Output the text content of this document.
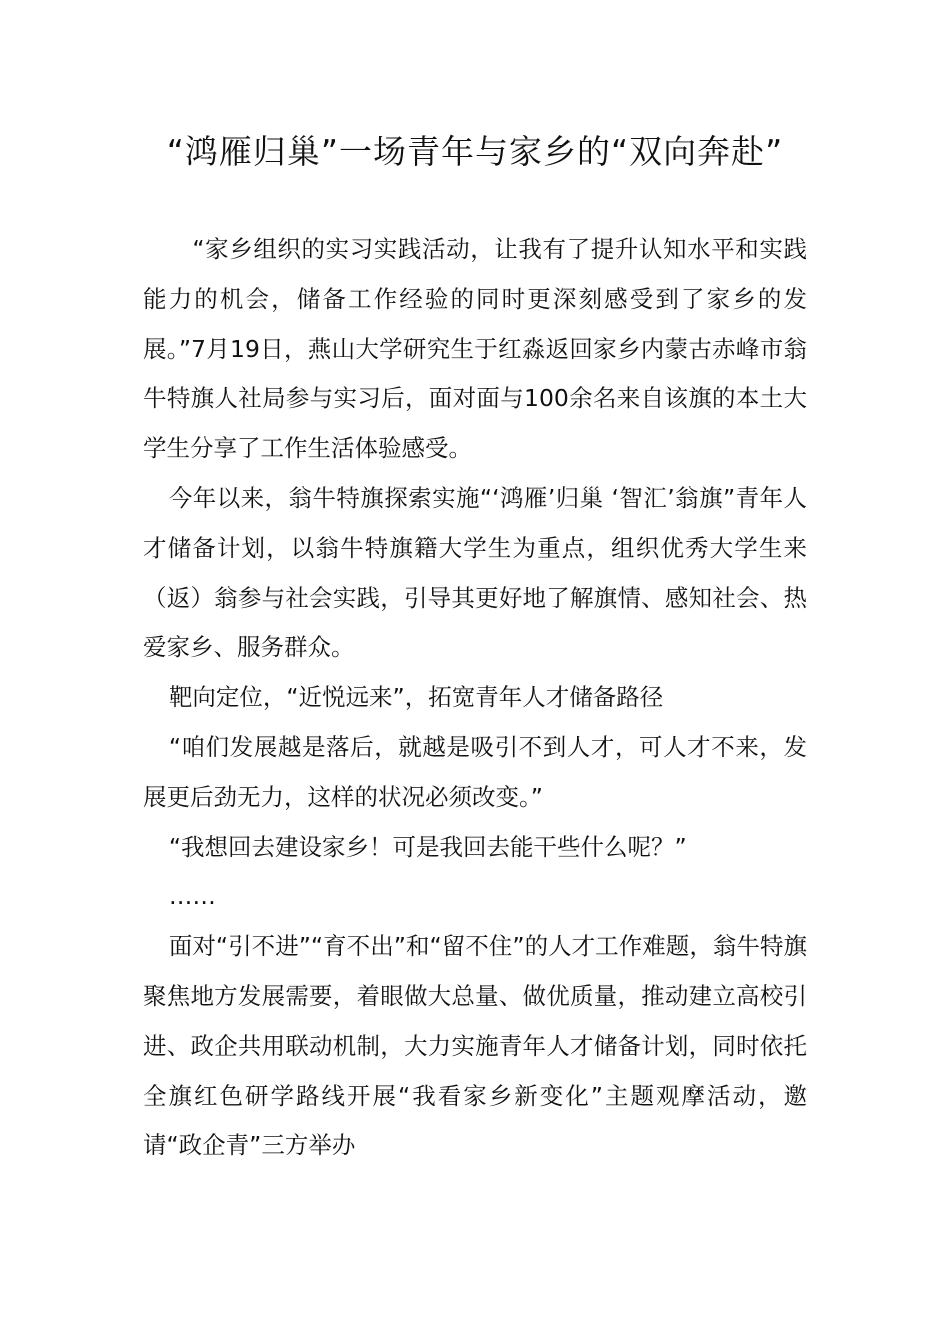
“鸿雁归巢”一场青年与家乡的“双向奔赴”

“家乡组织的实习实践活动，让我有了提升认知水平和实践能力的机会，储备工作经验的同时更深刻感受到了家乡的发展。”7月19日，燕山大学研究生于红淼返回家乡内蒙古赤峰市翁牛特旗人社局参与实习后，面对面与100余名来自该旗的本土大学生分享了工作生活体验感受。

今年以来，翁牛特旗探索实施“‘鸿雁’归巢 ‘智汇’翁旗”青年人才储备计划，以翁牛特旗籍大学生为重点，组织优秀大学生来（返）翁参与社会实践，引导其更好地了解旗情、感知社会、热爱家乡、服务群众。

靶向定位，“近悦远来”，拓宽青年人才储备路径

“咱们发展越是落后，就越是吸引不到人才，可人才不来，发展更后劲无力，这样的状况必须改变。”

“我想回去建设家乡！可是我回去能干些什么呢？”

……

面对“引不进”“育不出”和“留不住”的人才工作难题，翁牛特旗聚焦地方发展需要，着眼做大总量、做优质量，推动建立高校引进、政企共用联动机制，大力实施青年人才储备计划，同时依托全旗红色研学路线开展“我看家乡新变化”主题观摩活动，邀请“政企青”三方举办
